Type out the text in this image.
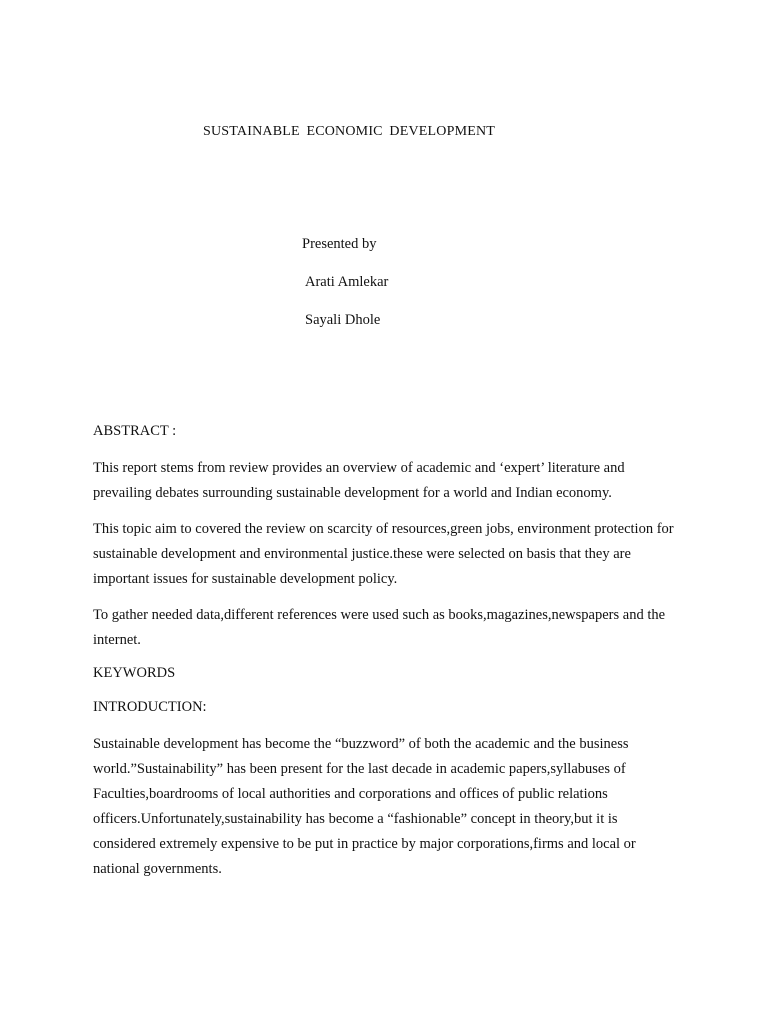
SUSTAINABLE ECONOMIC DEVELOPMENT
Presented by
Arati Amlekar
Sayali Dhole
ABSTRACT :

This report stems from review provides an overview of academic and ‘expert’ literature and prevailing debates surrounding sustainable development for a world and Indian economy.

This topic aim to covered the review on scarcity of resources,green jobs, environment protection for sustainable development and environmental justice.these were selected on basis that they are important issues for sustainable development policy.

To gather needed data,different references were used such as books,magazines,newspapers and the internet.

KEYWORDS
INTRODUCTION:

Sustainable development has become the “buzzword” of both the academic and the business world.”Sustainability” has been present for the last decade in academic papers,syllabuses of Faculties,boardrooms of local authorities and corporations and offices of public relations officers.Unfortunately,sustainability has become a “fashionable” concept in theory,but it is considered extremely expensive to be put in practice by major corporations,firms and local or national governments.
